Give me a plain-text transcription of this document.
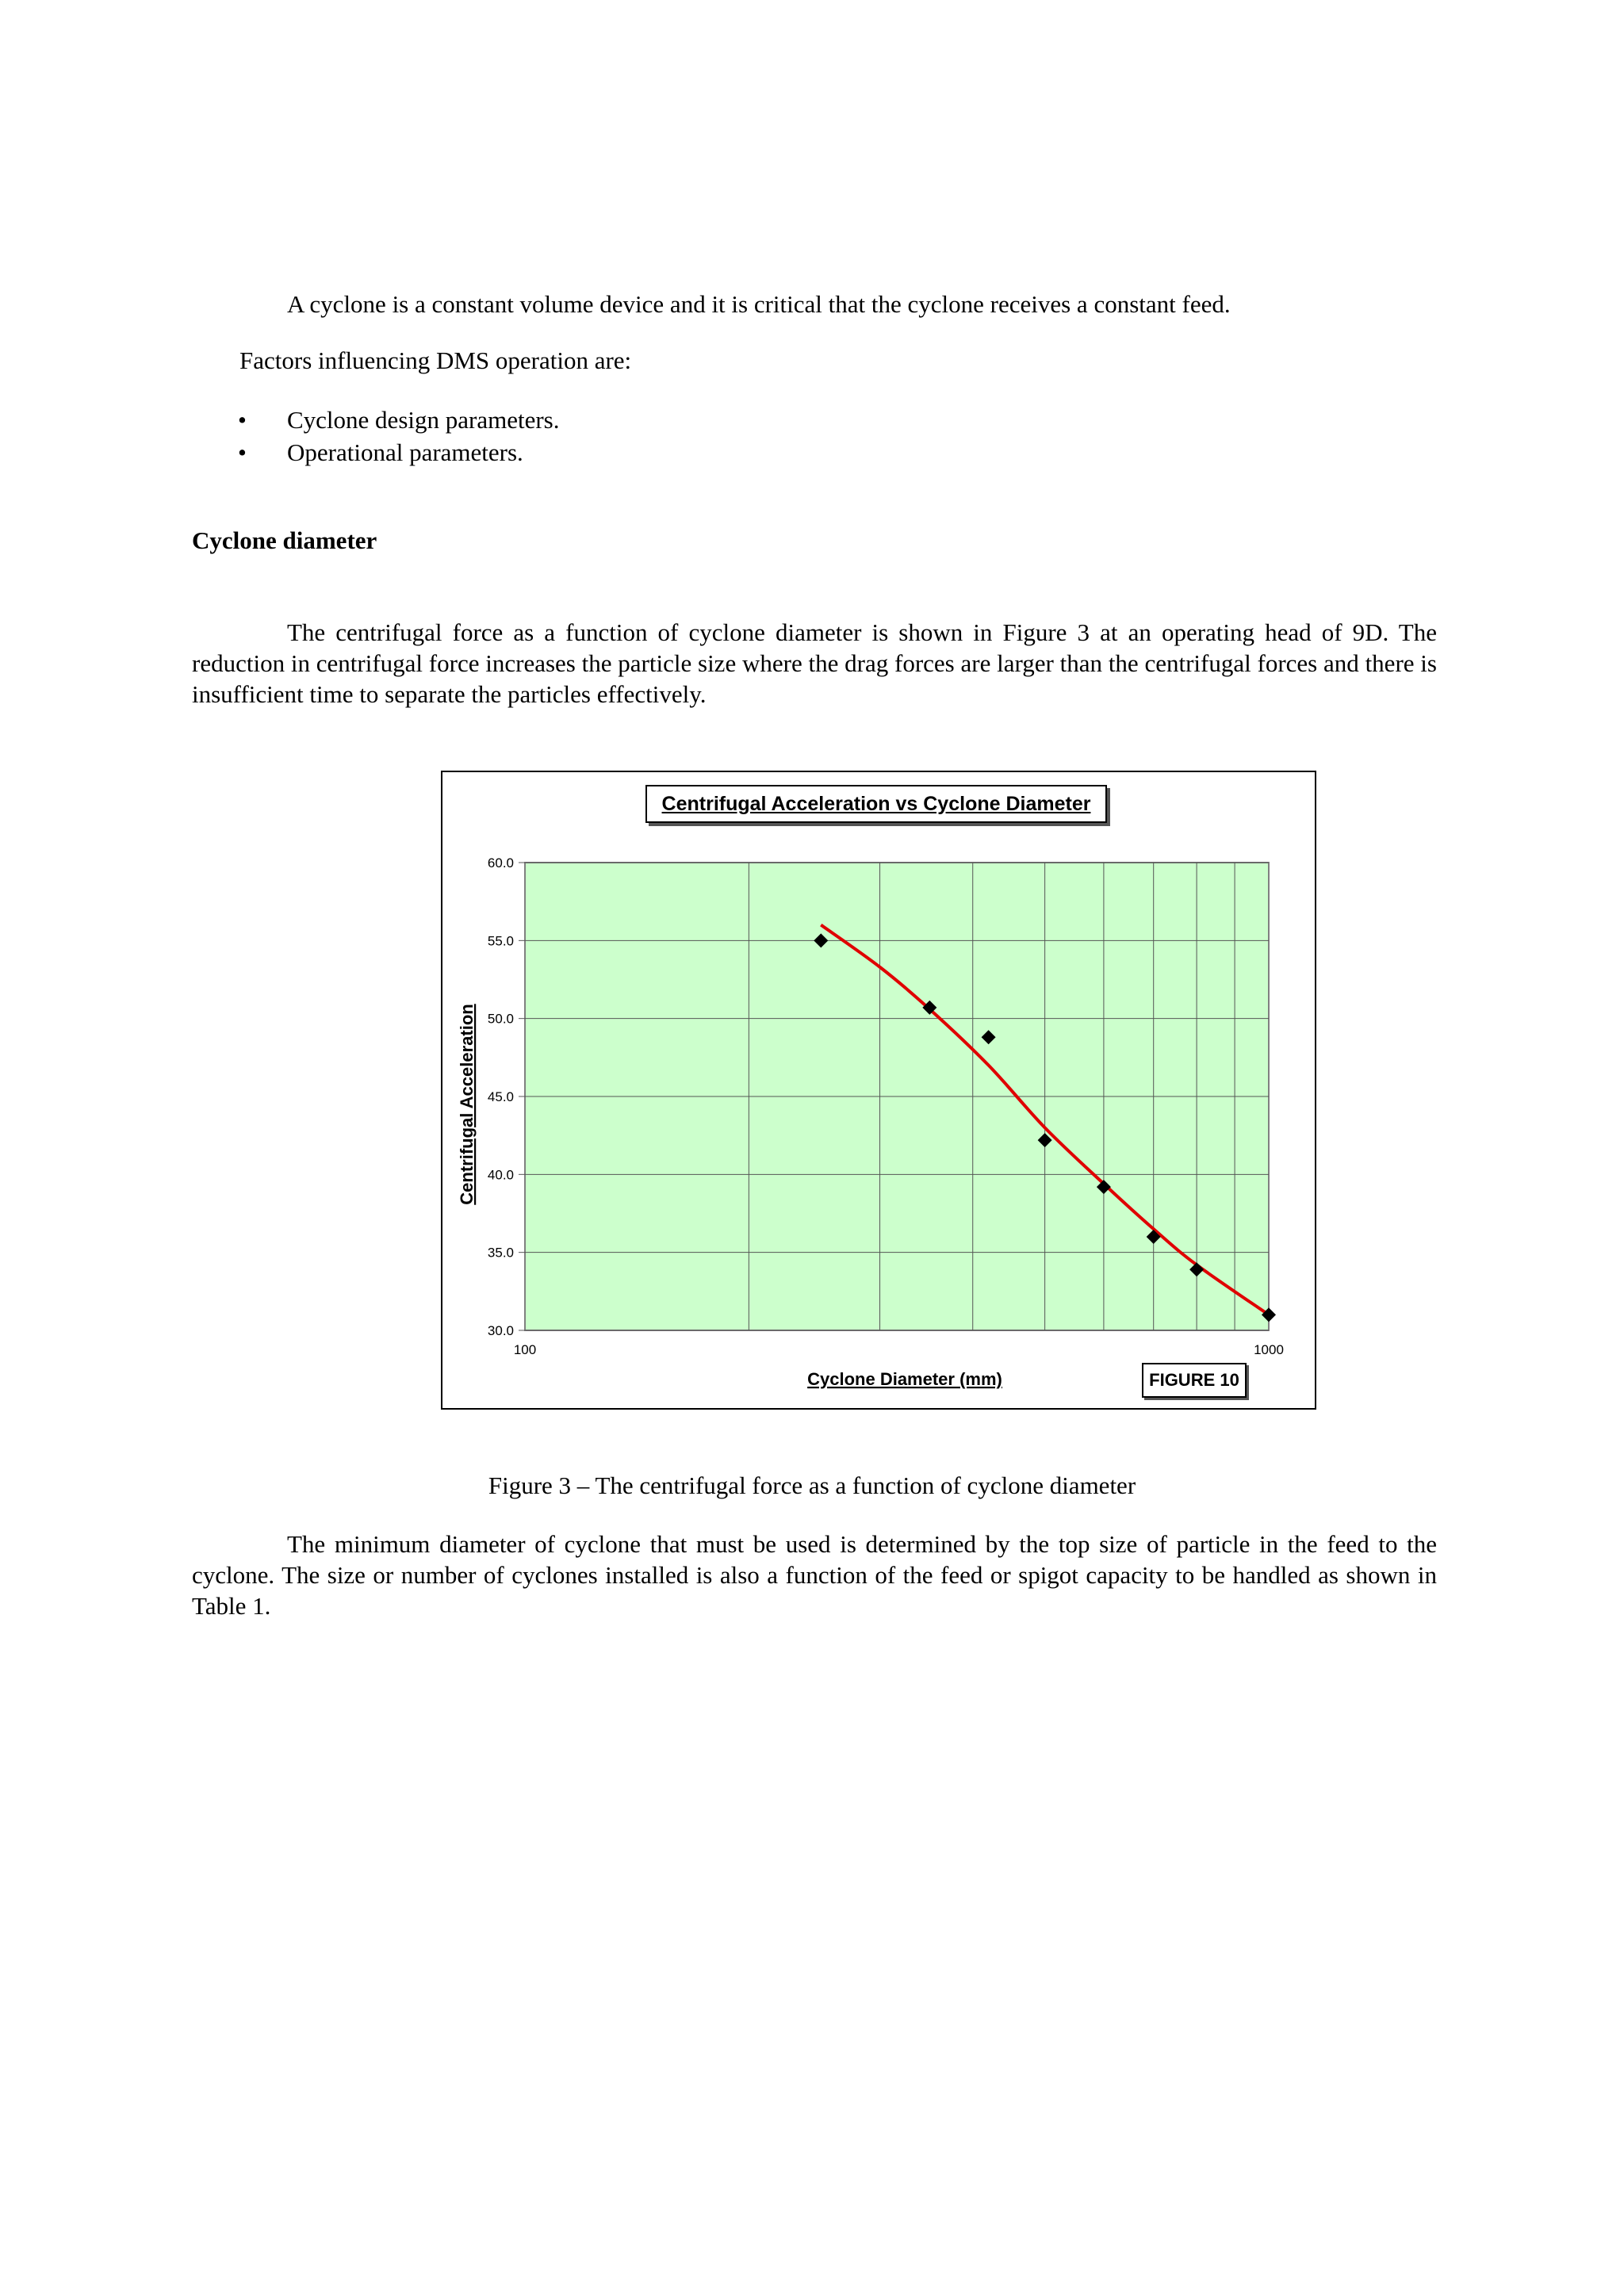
A cyclone is a constant volume device and it is critical that the cyclone receives a constant feed.
Factors influencing DMS operation are:
• Cyclone design parameters.
• Operational parameters.
Cyclone diameter
The centrifugal force as a function of cyclone diameter is shown in Figure 3 at an operating head of 9D. The reduction in centrifugal force increases the particle size where the drag forces are larger than the centrifugal forces and there is insufficient time to separate the particles effectively.
30.0
35.0
40.0
45.0
50.0
55.0
60.0
100	1000
Cyclone Diameter (mm)
Centrifugal Acceleration
Centrifugal Acceleration vs Cyclone Diameter
FIGURE 10
Figure 3 – The centrifugal force as a function of cyclone diameter
The minimum diameter of cyclone that must be used is determined by the top size of particle in the feed to the cyclone. The size or number of cyclones installed is also a function of the feed or spigot capacity to be handled as shown in Table 1.
